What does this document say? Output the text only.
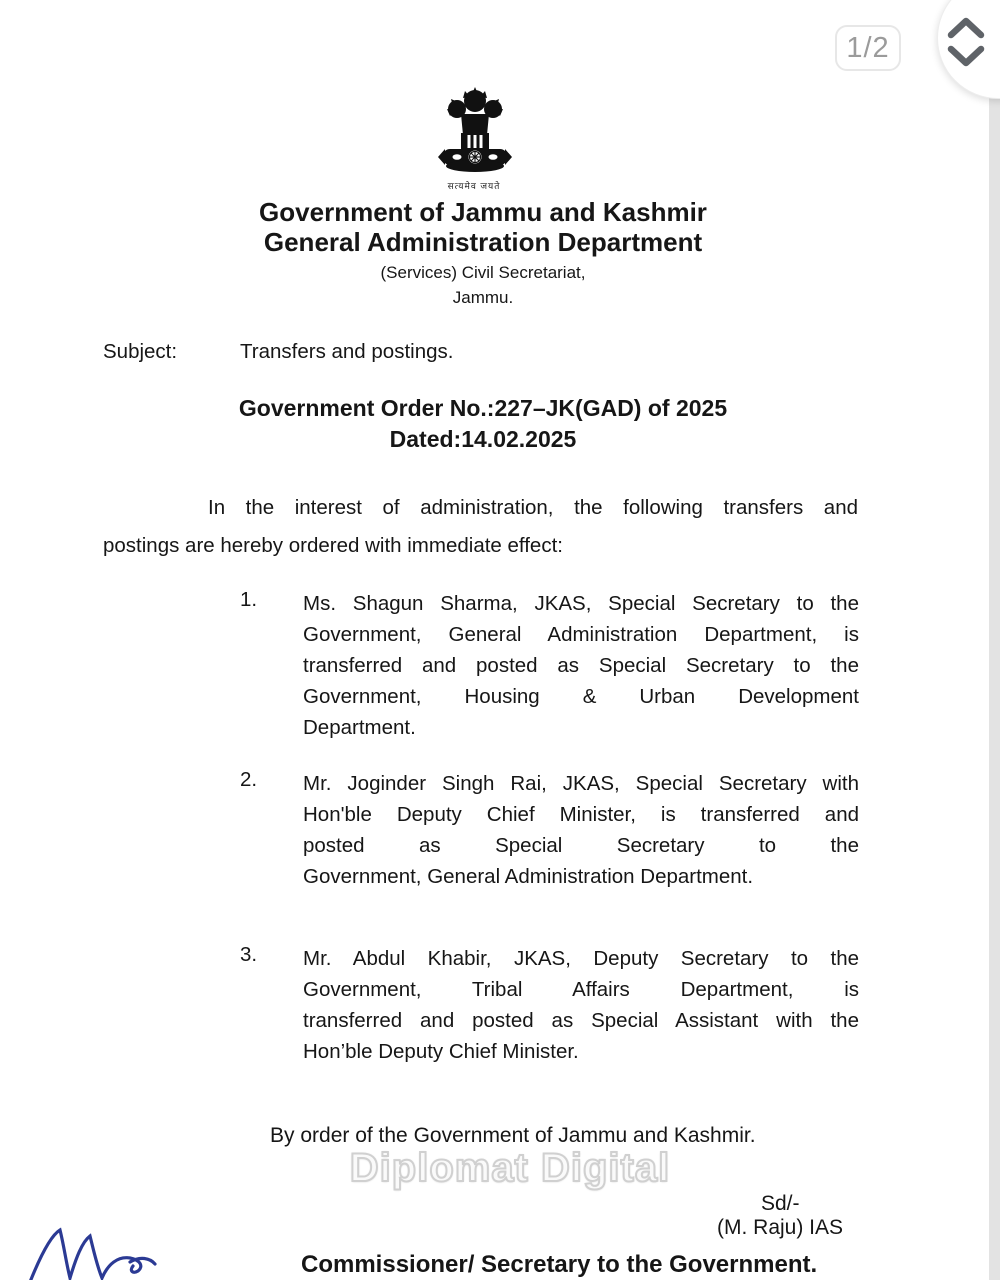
1/2
सत्यमेव जयते
Government of Jammu and Kashmir
General Administration Department
(Services) Civil Secretariat,
Jammu.
Subject:	Transfers and postings.
Government Order No.:227–JK(GAD) of 2025
Dated:14.02.2025
In the interest of administration, the following transfers and
postings are hereby ordered with immediate effect:
1. Ms. Shagun Sharma, JKAS, Special Secretary to the
Government, General Administration Department, is
transferred and posted as Special Secretary to the
Government, Housing & Urban Development
Department.
2. Mr. Joginder Singh Rai, JKAS, Special Secretary with
Hon'ble Deputy Chief Minister, is transferred and
posted as Special Secretary to the
Government, General Administration Department.
3. Mr. Abdul Khabir, JKAS, Deputy Secretary to the
Government, Tribal Affairs Department, is
transferred and posted as Special Assistant with the
Hon’ble Deputy Chief Minister.
By order of the Government of Jammu and Kashmir.
Diplomat Digital
Sd/-
(M. Raju) IAS
Commissioner/ Secretary to the Government.
